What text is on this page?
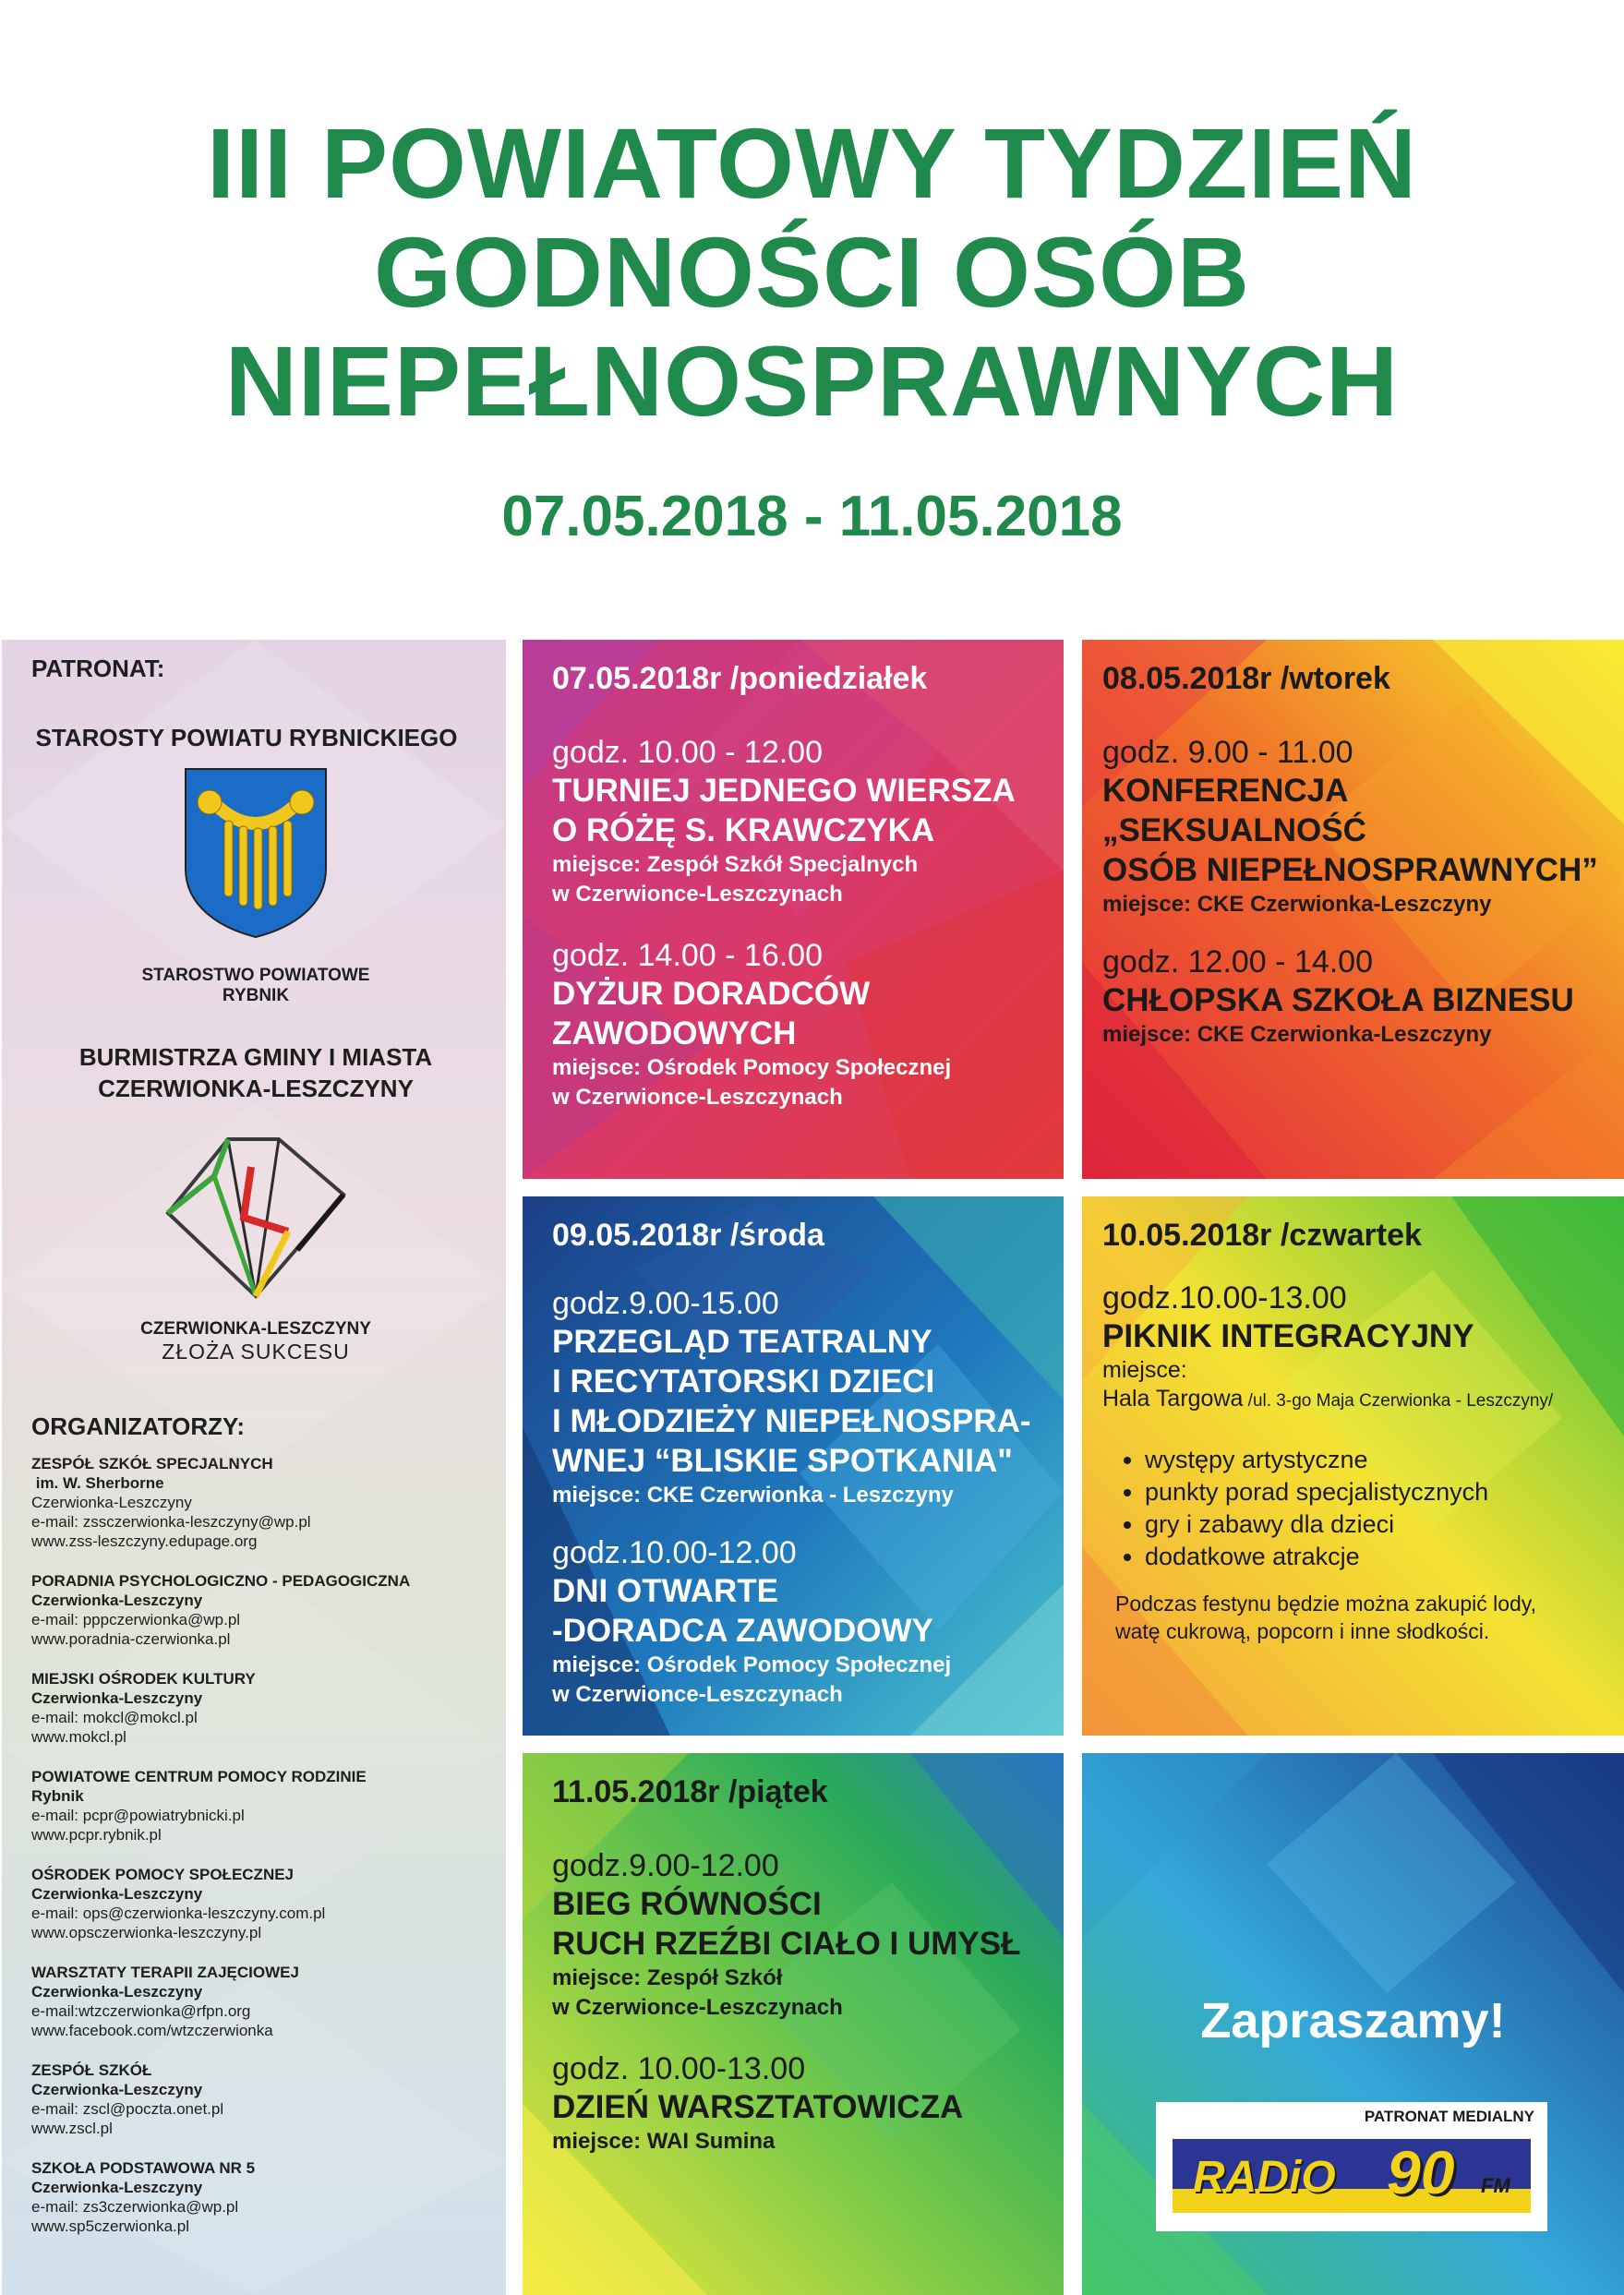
III POWIATOWY TYDZIEŃ
GODNOŚCI OSÓB
NIEPEŁNOSPRAWNYCH
07.05.2018 - 11.05.2018
PATRONAT:
STAROSTY POWIATU RYBNICKIEGO
STAROSTWO POWIATOWE
RYBNIK
BURMISTRZA GMINY I MIASTA
CZERWIONKA-LESZCZYNY
CZERWIONKA-LESZCZYNY
ZŁOŻA SUKCESU
ORGANIZATORZY:
ZESPÓŁ SZKÓŁ SPECJALNYCH
im. W. Sherborne
Czerwionka-Leszczyny
e-mail: zssczerwionka-leszczyny@wp.pl
www.zss-leszczyny.edupage.org
PORADNIA PSYCHOLOGICZNO - PEDAGOGICZNA
Czerwionka-Leszczyny
e-mail: pppczerwionka@wp.pl
www.poradnia-czerwionka.pl
MIEJSKI OŚRODEK KULTURY
Czerwionka-Leszczyny
e-mail: mokcl@mokcl.pl
www.mokcl.pl
POWIATOWE CENTRUM POMOCY RODZINIE
Rybnik
e-mail: pcpr@powiatrybnicki.pl
www.pcpr.rybnik.pl
OŚRODEK POMOCY SPOŁECZNEJ
Czerwionka-Leszczyny
e-mail: ops@czerwionka-leszczyny.com.pl
www.opsczerwionka-leszczyny.pl
WARSZTATY TERAPII ZAJĘCIOWEJ
Czerwionka-Leszczyny
e-mail:wtzczerwionka@rfpn.org
www.facebook.com/wtzczerwionka
ZESPÓŁ SZKÓŁ
Czerwionka-Leszczyny
e-mail: zscl@poczta.onet.pl
www.zscl.pl
SZKOŁA PODSTAWOWA NR 5
Czerwionka-Leszczyny
e-mail: zs3czerwionka@wp.pl
www.sp5czerwionka.pl
07.05.2018r /poniedziałek
godz. 10.00 - 12.00
TURNIEJ JEDNEGO WIERSZA
O RÓŻĘ S. KRAWCZYKA
miejsce: Zespół Szkół Specjalnych
w Czerwionce-Leszczynach
godz. 14.00 - 16.00
DYŻUR DORADCÓW
ZAWODOWYCH
miejsce: Ośrodek Pomocy Społecznej
w Czerwionce-Leszczynach
08.05.2018r /wtorek
godz. 9.00 - 11.00
KONFERENCJA
„SEKSUALNOŚĆ
OSÓB NIEPEŁNOSPRAWNYCH”
miejsce: CKE Czerwionka-Leszczyny
godz. 12.00 - 14.00
CHŁOPSKA SZKOŁA BIZNESU
miejsce: CKE Czerwionka-Leszczyny
09.05.2018r /środa
godz.9.00-15.00
PRZEGLĄD TEATRALNY
I RECYTATORSKI DZIECI
I MŁODZIEŻY NIEPEŁNOSPRA-
WNEJ “BLISKIE SPOTKANIA"
miejsce: CKE Czerwionka - Leszczyny
godz.10.00-12.00
DNI OTWARTE
-DORADCA ZAWODOWY
miejsce: Ośrodek Pomocy Społecznej
w Czerwionce-Leszczynach
10.05.2018r /czwartek
godz.10.00-13.00
PIKNIK INTEGRACYJNY
miejsce:
Hala Targowa /ul. 3-go Maja Czerwionka - Leszczyny/
• występy artystyczne
• punkty porad specjalistycznych
• gry i zabawy dla dzieci
• dodatkowe atrakcje
Podczas festynu będzie można zakupić lody,
watę cukrową, popcorn i inne słodkości.
11.05.2018r /piątek
godz.9.00-12.00
BIEG RÓWNOŚCI
RUCH RZEŹBI CIAŁO I UMYSŁ
miejsce: Zespół Szkół
w Czerwionce-Leszczynach
godz. 10.00-13.00
DZIEŃ WARSZTATOWICZA
miejsce: WAI Sumina
Zapraszamy!
PATRONAT MEDIALNY
RADiO 90 FM
